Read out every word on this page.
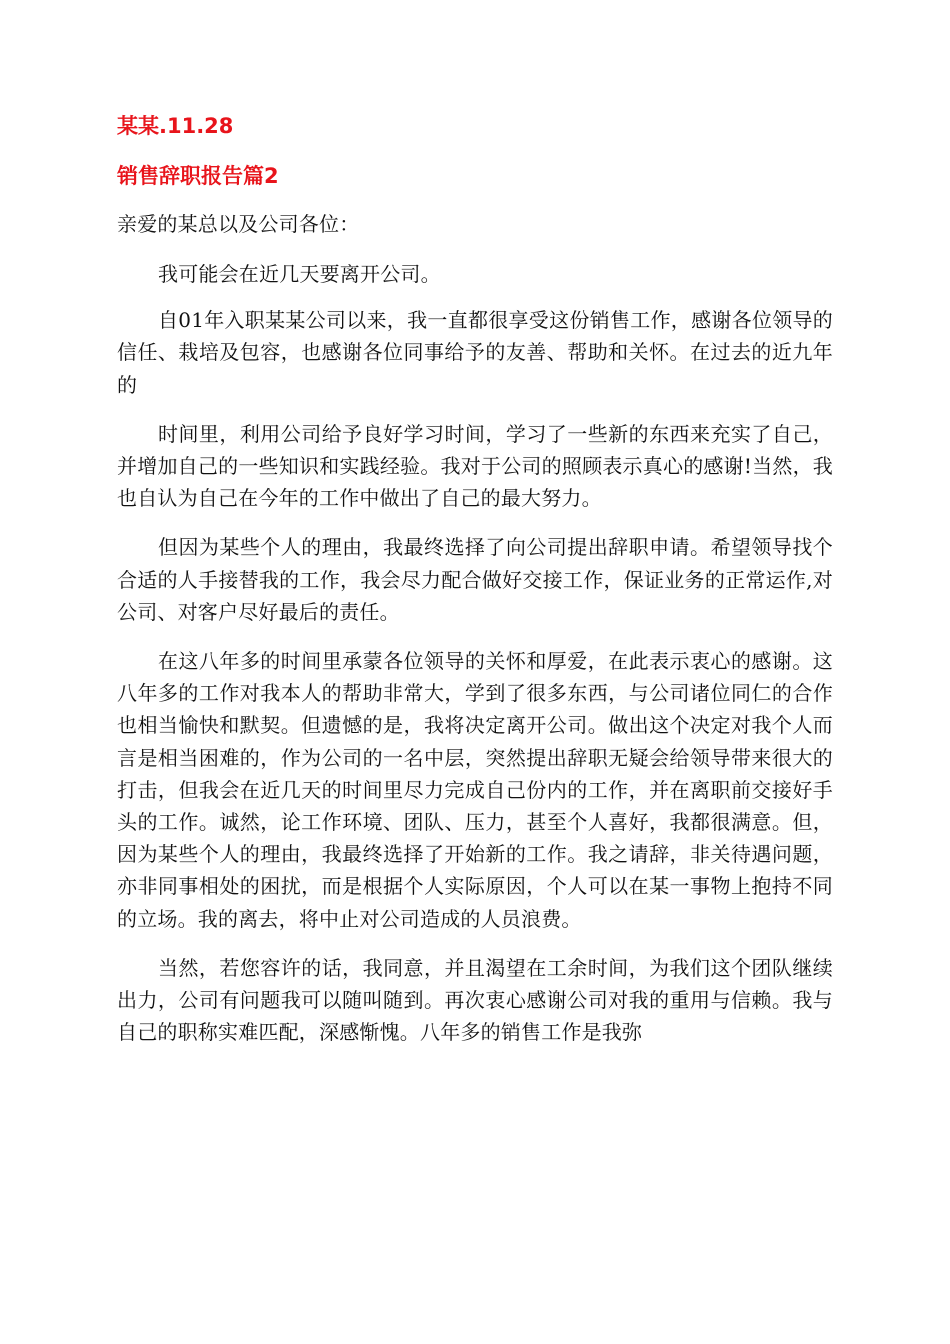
某某.11.28
销售辞职报告篇2
亲爱的某总以及公司各位：

我可能会在近几天要离开公司。

自01年入职某某公司以来，我一直都很享受这份销售工作，感谢各位领导的信任、栽培及包容，也感谢各位同事给予的友善、帮助和关怀。在过去的近九年的

时间里，利用公司给予良好学习时间，学习了一些新的东西来充实了自己，并增加自己的一些知识和实践经验。我对于公司的照顾表示真心的感谢!当然，我也自认为自己在今年的工作中做出了自己的最大努力。

但因为某些个人的理由，我最终选择了向公司提出辞职申请。希望领导找个合适的人手接替我的工作，我会尽力配合做好交接工作，保证业务的正常运作,对公司、对客户尽好最后的责任。

在这八年多的时间里承蒙各位领导的关怀和厚爱，在此表示衷心的感谢。这八年多的工作对我本人的帮助非常大，学到了很多东西，与公司诸位同仁的合作也相当愉快和默契。但遗憾的是，我将决定离开公司。做出这个决定对我个人而言是相当困难的，作为公司的一名中层，突然提出辞职无疑会给领导带来很大的打击，但我会在近几天的时间里尽力完成自己份内的工作，并在离职前交接好手头的工作。诚然，论工作环境、团队、压力，甚至个人喜好，我都很满意。但，因为某些个人的理由，我最终选择了开始新的工作。我之请辞，非关待遇问题，亦非同事相处的困扰，而是根据个人实际原因，个人可以在某一事物上抱持不同的立场。我的离去，将中止对公司造成的人员浪费。

当然，若您容许的话，我同意，并且渴望在工余时间，为我们这个团队继续出力，公司有问题我可以随叫随到。再次衷心感谢公司对我的重用与信赖。我与自己的职称实难匹配，深感惭愧。八年多的销售工作是我弥
